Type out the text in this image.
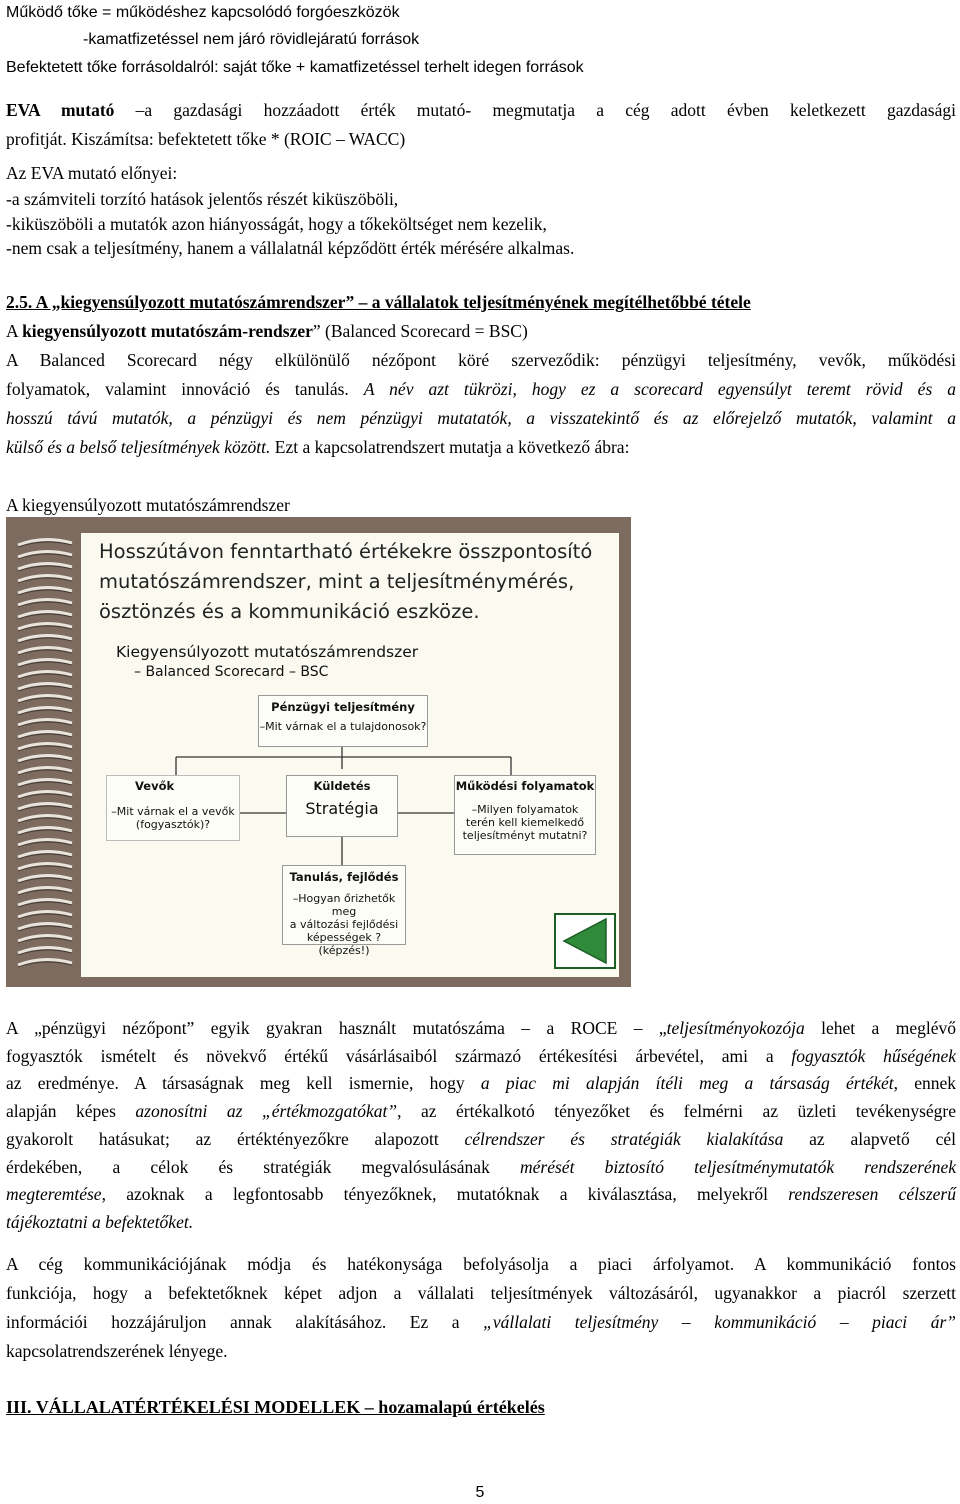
Működő tőke = működéshez kapcsolódó forgóeszközök
-kamatfizetéssel nem járó rövidlejáratú források
Befektetett tőke forrásoldalról: saját tőke + kamatfizetéssel terhelt idegen források
EVA mutató –a gazdasági hozzáadott érték mutató- megmutatja a cég adott évben keletkezett gazdasági
profitját. Kiszámítsa: befektetett tőke * (ROIC – WACC)
Az EVA mutató előnyei:
-a számviteli torzító hatások jelentős részét kiküszöböli,
-kiküszöböli a mutatók azon hiányosságát, hogy a tőkeköltséget nem kezelik,
-nem csak a teljesítmény, hanem a vállalatnál képződött érték mérésére alkalmas.
2.5. A „kiegyensúlyozott mutatószámrendszer” – a vállalatok teljesítményének megítélhetőbbé tétele
A kiegyensúlyozott mutatószám-rendszer” (Balanced Scorecard = BSC)
A Balanced Scorecard négy elkülönülő nézőpont köré szerveződik: pénzügyi teljesítmény, vevők, működési
folyamatok, valamint innováció és tanulás. A név azt tükrözi, hogy ez a scorecard egyensúlyt teremt rövid és a
hosszú távú mutatók, a pénzügyi és nem pénzügyi mutatatók, a visszatekintő és az előrejelző mutatók, valamint a
külső és a belső teljesítmények között. Ezt a kapcsolatrendszert mutatja a következő ábra:
A kiegyensúlyozott mutatószámrendszer
Hosszútávon fenntartható értékekre összpontosító
mutatószámrendszer, mint a teljesítménymérés,
ösztönzés és a kommunikáció eszköze.
Kiegyensúlyozott mutatószámrendszer
– Balanced Scorecard – BSC
Pénzügyi teljesítmény
–Mit várnak el a tulajdonosok?
Vevők
–Mit várnak el a vevők
(fogyasztók)?
Küldetés
Stratégia
Működési folyamatok
–Milyen folyamatok
terén kell kiemelkedő
teljesítményt mutatni?
Tanulás, fejlődés
–Hogyan őrizhetők meg
a változási fejlődési
képességek ?(képzés!)
A „pénzügyi nézőpont” egyik gyakran használt mutatószáma – a ROCE – „teljesítményokozója lehet a meglévő
fogyasztók ismételt és növekvő értékű vásárlásaiból származó értékesítési árbevétel, ami a fogyasztók hűségének
az eredménye. A társaságnak meg kell ismernie, hogy a piac mi alapján ítéli meg a társaság értékét, ennek
alapján képes azonosítni az „értékmozgatókat”, az értékalkotó tényezőket és felmérni az üzleti tevékenységre
gyakorolt hatásukat; az értéktényezőkre alapozott célrendszer és stratégiák kialakítása az alapvető cél
érdekében, a célok és stratégiák megvalósulásának mérését biztosító teljesítménymutatók rendszerének
megteremtése, azoknak a legfontosabb tényezőknek, mutatóknak a kiválasztása, melyekről rendszeresen célszerű
tájékoztatni a befektetőket.
A cég kommunikációjának módja és hatékonysága befolyásolja a piaci árfolyamot. A kommunikáció fontos
funkciója, hogy a befektetőknek képet adjon a vállalati teljesítmények változásáról, ugyanakkor a piacról szerzett
információi hozzájáruljon annak alakításához. Ez a „vállalati teljesítmény – kommunikáció – piaci ár”
kapcsolatrendszerének lényege.
III. VÁLLALATÉRTÉKELÉSI MODELLEK – hozamalapú értékelés
5
